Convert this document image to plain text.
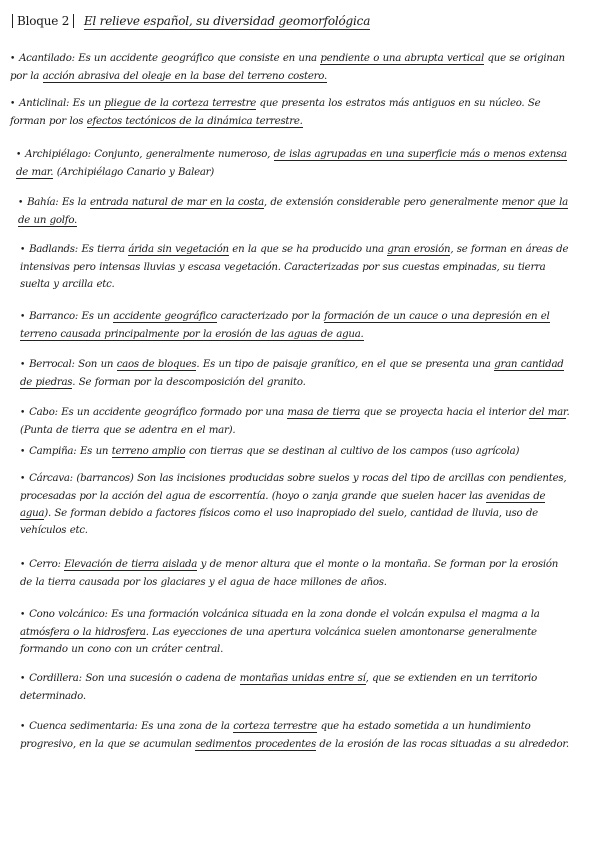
Bloque 2 El relieve español, su diversidad geomorfológica
• Acantilado: Es un accidente geográfico que consiste en una pendiente o una abrupta vertical que se originan por la acción abrasiva del oleaje en la base del terreno costero.
• Anticlinal: Es un pliegue de la corteza terrestre que presenta los estratos más antiguos en su núcleo. Se forman por los efectos tectónicos de la dinámica terrestre.
• Archipiélago: Conjunto, generalmente numeroso, de islas agrupadas en una superficie más o menos extensa de mar. (Archipiélago Canario y Balear)
• Bahía: Es la entrada natural de mar en la costa, de extensión considerable pero generalmente menor que la de un golfo.
• Badlands: Es tierra árida sin vegetación en la que se ha producido una gran erosión, se forman en áreas de intensivas pero intensas lluvias y escasa vegetación. Caracterizadas por sus cuestas empinadas, su tierra suelta y arcilla etc.
• Barranco: Es un accidente geográfico caracterizado por la formación de un cauce o una depresión en el terreno causada principalmente por la erosión de las aguas de agua.
• Berrocal: Son un caos de bloques. Es un tipo de paisaje granítico, en el que se presenta una gran cantidad de piedras. Se forman por la descomposición del granito.
• Cabo: Es un accidente geográfico formado por una masa de tierra que se proyecta hacia el interior del mar. (Punta de tierra que se adentra en el mar).
• Campiña: Es un terreno amplio con tierras que se destinan al cultivo de los campos (uso agrícola)
• Cárcava: (barrancos) Son las incisiones producidas sobre suelos y rocas del tipo de arcillas con pendientes, procesadas por la acción del agua de escorrentía. (hoyo o zanja grande que suelen hacer las avenidas de agua). Se forman debido a factores físicos como el uso inapropiado del suelo, cantidad de lluvia, uso de vehículos etc.
• Cerro: Elevación de tierra aislada y de menor altura que el monte o la montaña. Se forman por la erosión de la tierra causada por los glaciares y el agua de hace millones de años.
• Cono volcánico: Es una formación volcánica situada en la zona donde el volcán expulsa el magma a la atmósfera o la hidrosfera. Las eyecciones de una apertura volcánica suelen amontonarse generalmente formando un cono con un cráter central.
• Cordillera: Son una sucesión o cadena de montañas unidas entre sí, que se extienden en un territorio determinado.
• Cuenca sedimentaria: Es una zona de la corteza terrestre que ha estado sometida a un hundimiento progresivo, en la que se acumulan sedimentos procedentes de la erosión de las rocas situadas a su alrededor.
